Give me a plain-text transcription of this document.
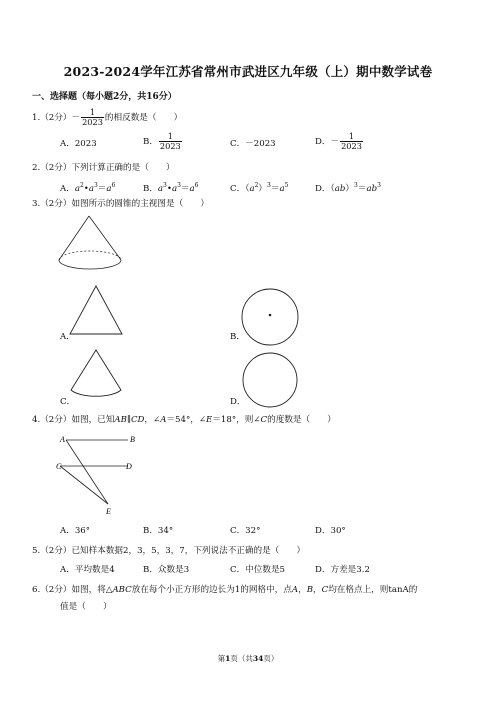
2023-2024学年江苏省常州市武进区九年级（上）期中数学试卷
一、选择题（每小题2分，共16分）
1.（2分）－ $\frac{1}{2023}$ 的相反数是（　　）
A．2023	B． $\frac{1}{2023}$	C．－2023	D．－ $\frac{1}{2023}$
2.（2分）下列计算正确的是（　　）
A．$a^2•a^3=a^6$	B．$a^3•a^3=a^6$	C．$(a^2)^3=a^5$	D．$(ab)^3=ab^3$
3.（2分）如图所示的圆锥的主视图是（　　）
A．	B．
C．	D．
4.（2分）如图，已知AB∥CD，∠A＝54°，∠E＝18°，则∠C的度数是（　　）
A	B
C	D
E
A．36°	B．34°	C．32°	D．30°
5.（2分）已知样本数据2，3，5，3，7，下列说法不正确的是（　　）
A．平均数是4	B．众数是3	C．中位数是5	D．方差是3.2
6.（2分）如图，将△ABC放在每个小正方形的边长为1的网格中，点A，B，C均在格点上，则tanA的
值是（　　）
第1页（共34页）
